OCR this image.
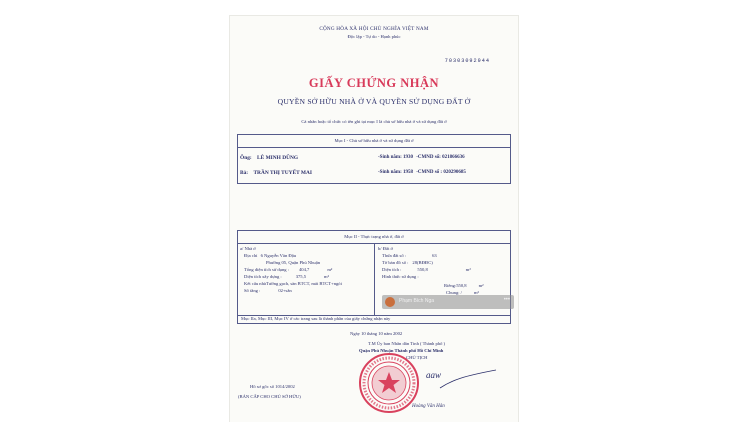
CỘNG HÒA XÃ HỘI CHỦ NGHĨA VIỆT NAM
Độc lập - Tự do - Hạnh phúc
70303092944
GIẤY CHỨNG NHẬN
QUYỀN SỞ HỮU NHÀ Ở VÀ QUYỀN SỬ DỤNG ĐẤT Ở
Cá nhân hoặc tổ chức có tên ghi tại mục I là chủ sở hữu nhà ở và sử dụng đất ở
Mục I - Chủ sở hữu nhà ở và sử dụng đất ở
Ông: LÊ MINH DŨNG	-Sinh năm: 1930 -CMND số: 021866636
Bà: TRẦN THỊ TUYẾT MAI	-Sinh năm: 1958 -CMND số : 020290685
Mục II - Thực trạng nhà ở, đất ở
a/ Nhà ở
Địa chỉ 6 Nguyễn Văn Đậu
Phường 05, Quận Phú Nhuận
Tổng diện tích sử dụng : 404,7	m²
Diện tích xây dựng :	375,5	m²
Kết cấu nhàTường gạch, sàn BTCT, mái BTCT+ngói
Số tầng :	02+sân
b/ Đất ở
Thửa đất số :	63
Tờ bản đồ số : 28(BĐĐC)
Diện tích :	550,8	m²
Hình thức sử dụng :
Riêng:550,8	m²
Chung: /	m²
Mục IIa, Mục III, Mục IV ở các trang sau là thành phần của giấy chứng nhận này
Ngày 10 tháng 10 năm 2002
T.M Ủy ban Nhân dân Tỉnh ( Thành phố )
Quận Phú Nhuận Thành phố Hồ Chí Minh
CHỦ TỊCH
aaw
Hoàng Văn Hân
Hồ sơ gốc số 1014/2002
(BẢN CẤP CHO CHỦ SỞ HỮU)
Phạm Bích Nga	•••
